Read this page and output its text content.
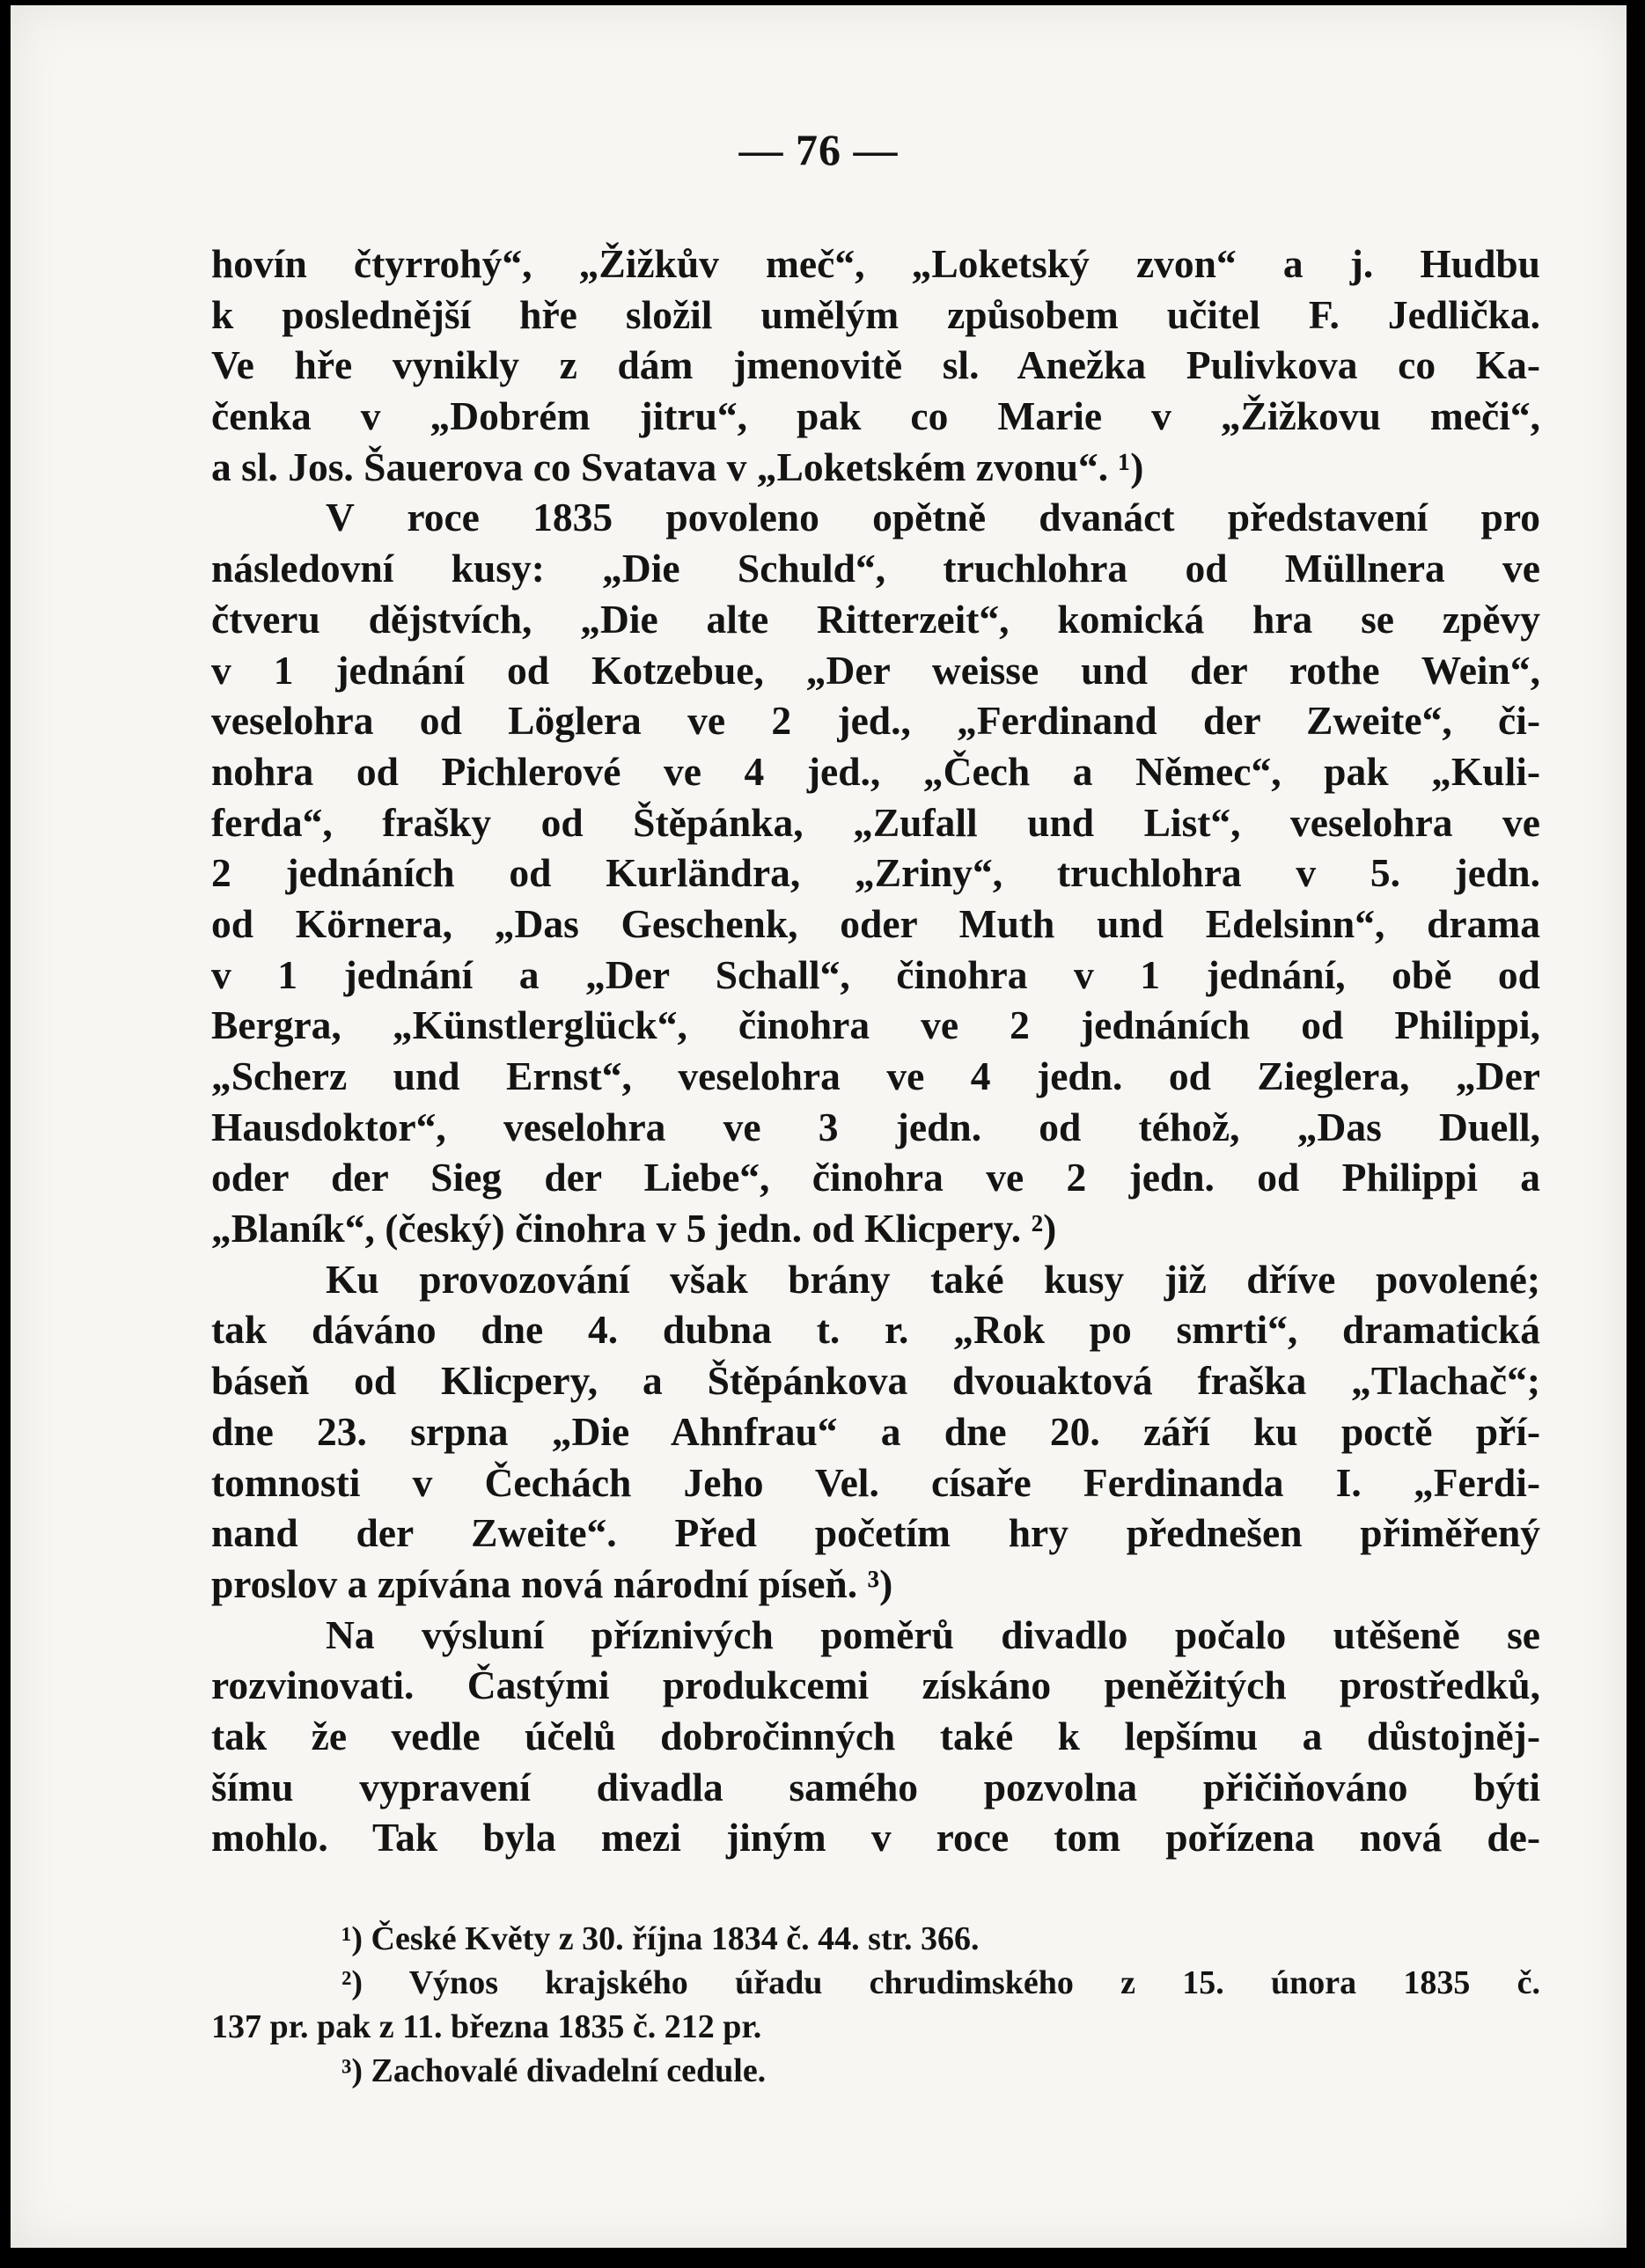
— 76 —
hovín čtyrrohý“, „Žižkův meč“, „Loketský zvon“ a j. Hudbu
k poslednější hře složil umělým způsobem učitel F. Jedlička.
Ve hře vynikly z dám jmenovitě sl. Anežka Pulivkova co Ka-
čenka v „Dobrém jitru“, pak co Marie v „Žižkovu meči“,
a sl. Jos. Šauerova co Svatava v „Loketském zvonu“. ¹)
V roce 1835 povoleno opětně dvanáct představení pro
následovní kusy: „Die Schuld“, truchlohra od Müllnera ve
čtveru dějstvích, „Die alte Ritterzeit“, komická hra se zpěvy
v 1 jednání od Kotzebue, „Der weisse und der rothe Wein“,
veselohra od Löglera ve 2 jed., „Ferdinand der Zweite“, či-
nohra od Pichlerové ve 4 jed., „Čech a Němec“, pak „Kuli-
ferda“, frašky od Štěpánka, „Zufall und List“, veselohra ve
2 jednáních od Kurländra, „Zriny“, truchlohra v 5. jedn.
od Körnera, „Das Geschenk, oder Muth und Edelsinn“, drama
v 1 jednání a „Der Schall“, činohra v 1 jednání, obě od
Bergra, „Künstlerglück“, činohra ve 2 jednáních od Philippi,
„Scherz und Ernst“, veselohra ve 4 jedn. od Zieglera, „Der
Hausdoktor“, veselohra ve 3 jedn. od téhož, „Das Duell,
oder der Sieg der Liebe“, činohra ve 2 jedn. od Philippi a
„Blaník“, (český) činohra v 5 jedn. od Klicpery. ²)
Ku provozování však brány také kusy již dříve povolené;
tak dáváno dne 4. dubna t. r. „Rok po smrti“, dramatická
báseň od Klicpery, a Štěpánkova dvouaktová fraška „Tlachač“;
dne 23. srpna „Die Ahnfrau“ a dne 20. září ku poctě pří-
tomnosti v Čechách Jeho Vel. císaře Ferdinanda I. „Ferdi-
nand der Zweite“. Před početím hry přednešen přiměřený
proslov a zpívána nová národní píseň. ³)
Na výsluní příznivých poměrů divadlo počalo utěšeně se
rozvinovati. Častými produkcemi získáno peněžitých prostředků,
tak že vedle účelů dobročinných také k lepšímu a důstojněj-
šímu vypravení divadla samého pozvolna přičiňováno býti
mohlo. Tak byla mezi jiným v roce tom pořízena nová de-
¹) České Květy z 30. října 1834 č. 44. str. 366.
²) Výnos krajského úřadu chrudimského z 15. února 1835 č.
137 pr. pak z 11. března 1835 č. 212 pr.
³) Zachovalé divadelní cedule.
